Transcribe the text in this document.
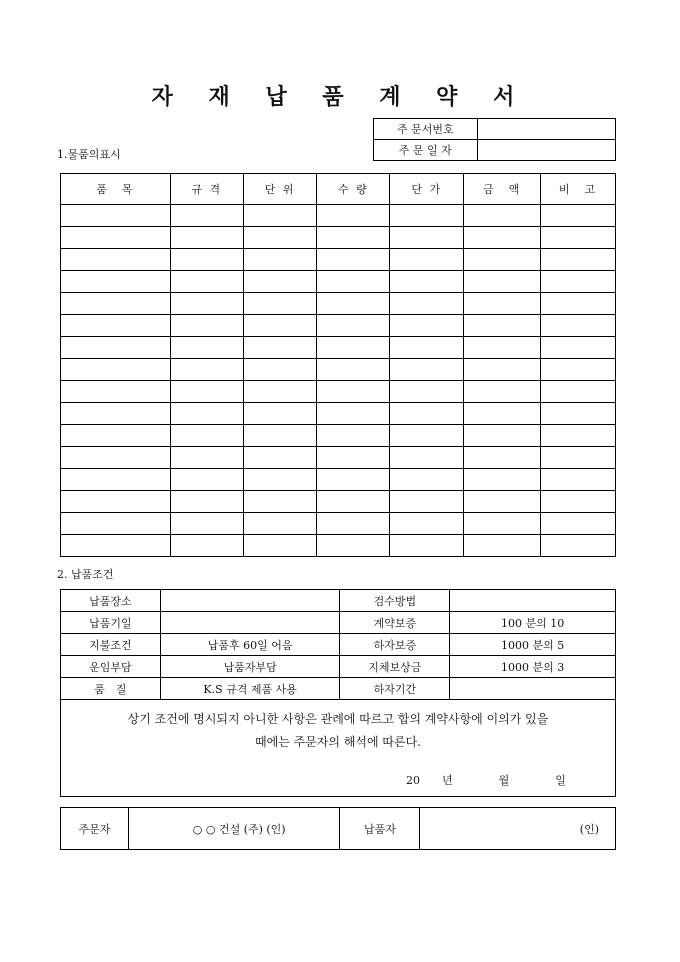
자 재 납 품 계 약 서
주 문서번호	
주 문 일 자	
1.물품의표시
품　목	규 격	단 위	수 량	단 가	금　액	비　고

2. 납품조건
납품장소		검수방법	
납품기일		계약보증	100 분의 10
지불조건	납품후 60일 어음	하자보증	1000 분의 5
운임부담	납품자부담	지체보상금	1000 분의 3
품　질	K.S 규격 제품 사용	하자기간	

상기 조건에 명시되지 아니한 사항은 관례에 따르고 합의 계약사항에 이의가 있을
때에는 주문자의 해석에 따른다.
20 년 월 일			
주문자	○ ○ 건설 (주) (인)	납품자	(인)
